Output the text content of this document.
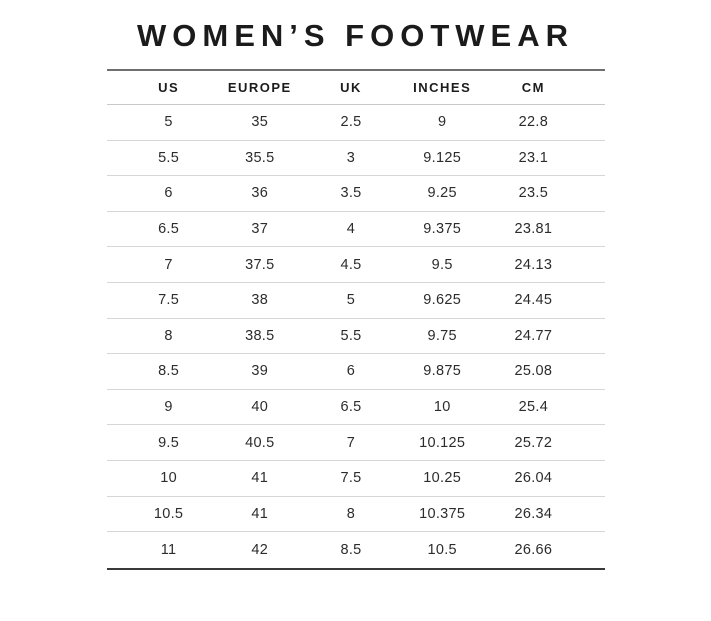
WOMEN’S FOOTWEAR
US	EUROPE	UK	INCHES	CM
5	35	2.5	9	22.8
5.5	35.5	3	9.125	23.1
6	36	3.5	9.25	23.5
6.5	37	4	9.375	23.81
7	37.5	4.5	9.5	24.13
7.5	38	5	9.625	24.45
8	38.5	5.5	9.75	24.77
8.5	39	6	9.875	25.08
9	40	6.5	10	25.4
9.5	40.5	7	10.125	25.72
10	41	7.5	10.25	26.04
10.5	41	8	10.375	26.34
11	42	8.5	10.5	26.66
